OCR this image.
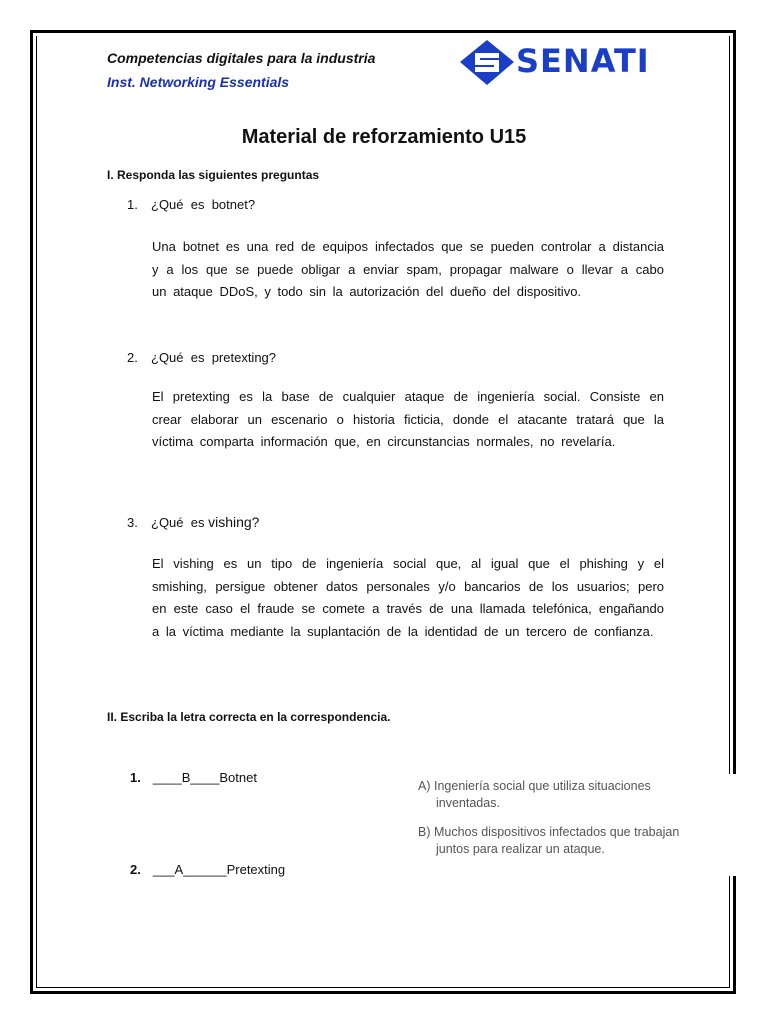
Competencias digitales para la industria
Inst. Networking Essentials
SENATI
Material de reforzamiento U15
I. Responda las siguientes preguntas
1. ¿Qué  es  botnet?
Una botnet es una red de equipos infectados que se pueden controlar a distancia y a los que se puede obligar a enviar spam, propagar malware o llevar a cabo un ataque DDoS, y todo sin la autorización del dueño del dispositivo.
2. ¿Qué  es  pretexting?
El pretexting es la base de cualquier ataque de ingeniería social. Consiste en crear elaborar un escenario o historia ficticia, donde el atacante tratará que la víctima comparta información que, en circunstancias normales, no revelaría.
3. ¿Qué  es vishing?
El vishing es un tipo de ingeniería social que, al igual que el phishing y el smishing, persigue obtener datos personales y/o bancarios de los usuarios; pero en este caso el fraude se comete a través de una llamada telefónica, engañando a la víctima mediante la suplantación de la identidad de un tercero de confianza.
II. Escriba la letra correcta en la correspondencia.
1. ____B____Botnet
2. ___A______Pretexting
A) Ingeniería social que utiliza situaciones
inventadas.
B) Muchos dispositivos infectados que trabajan
juntos para realizar un ataque.
